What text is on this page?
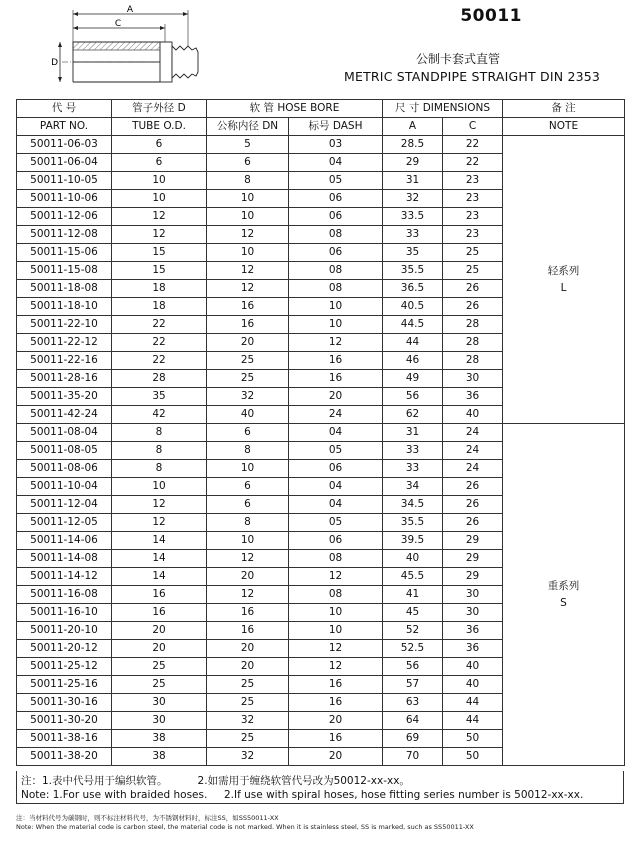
A
C
D
50011
公制卡套式直管
METRIC STANDPIPE STRAIGHT DIN 2353
代 号	管子外径 D	软 管 HOSE BORE		尺 寸 DIMENSIONS		备 注
PART NO.	TUBE O.D.	公称内径 DN	标号 DASH	A	C	NOTE
50011-06-03	6	5	03	28.5	22	轻系列
L

50011-06-04	6	6	04	29	22	
50011-10-05	10	8	05	31	23	
50011-10-06	10	10	06	32	23	
50011-12-06	12	10	06	33.5	23	
50011-12-08	12	12	08	33	23	
50011-15-06	15	10	06	35	25	
50011-15-08	15	12	08	35.5	25	
50011-18-08	18	12	08	36.5	26	
50011-18-10	18	16	10	40.5	26	
50011-22-10	22	16	10	44.5	28	
50011-22-12	22	20	12	44	28	
50011-22-16	22	25	16	46	28	
50011-28-16	28	25	16	49	30	
50011-35-20	35	32	20	56	36	
50011-42-24	42	40	24	62	40	
50011-08-04	8	6	04	31	24	重系列
S

50011-08-05	8	8	05	33	24	
50011-08-06	8	10	06	33	24	
50011-10-04	10	6	04	34	26	
50011-12-04	12	6	04	34.5	26	
50011-12-05	12	8	05	35.5	26	
50011-14-06	14	10	06	39.5	29	
50011-14-08	14	12	08	40	29	
50011-14-12	14	20	12	45.5	29	
50011-16-08	16	12	08	41	30	
50011-16-10	16	16	10	45	30	
50011-20-10	20	16	10	52	36	
50011-20-12	20	20	12	52.5	36	
50011-25-12	25	20	12	56	40	
50011-25-16	25	25	16	57	40	
50011-30-16	30	25	16	63	44	
50011-30-20	30	32	20	64	44	
50011-38-16	38	25	16	69	50	
50011-38-20	38	32	20	70	50	
注：1.表中代号用于编织软管。         2.如需用于缠绕软管代号改为50012-xx-xx。
Note: 1.For use with braided hoses.     2.If use with spiral hoses, hose fitting series number is 50012-xx-xx.
注：当材料代号为碳钢时，则不标注材料代号，为不锈钢材料时，标注SS，如SS50011-XX
Note: When the material code is carbon steel, the material code is not marked. When it is stainless steel, SS is marked, such as SS50011-XX
